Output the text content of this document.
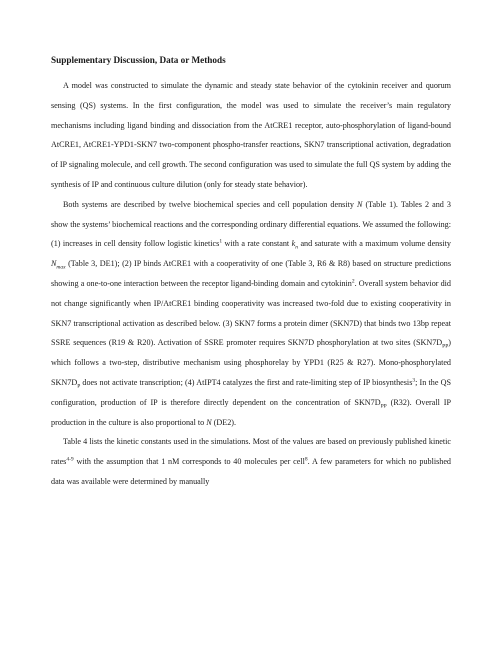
Supplementary Discussion, Data or Methods

A model was constructed to simulate the dynamic and steady state behavior of the cytokinin receiver and quorum sensing (QS) systems. In the first configuration, the model was used to simulate the receiver’s main regulatory mechanisms including ligand binding and dissociation from the AtCRE1 receptor, auto-phosphorylation of ligand-bound AtCRE1, AtCRE1-YPD1-SKN7 two-component phospho-transfer reactions, SKN7 transcriptional activation, degradation of IP signaling molecule, and cell growth. The second configuration was used to simulate the full QS system by adding the synthesis of IP and continuous culture dilution (only for steady state behavior).

Both systems are described by twelve biochemical species and cell population density N (Table 1). Tables 2 and 3 show the systems’ biochemical reactions and the corresponding ordinary differential equations. We assumed the following: (1) increases in cell density follow logistic kinetics$^1$ with a rate constant $k_n$ and saturate with a maximum volume density $N_{max}$ (Table 3, DE1); (2) IP binds AtCRE1 with a cooperativity of one (Table 3, R6 & R8) based on structure predictions showing a one-to-one interaction between the receptor ligand-binding domain and cytokinin$^2$. Overall system behavior did not change significantly when IP/AtCRE1 binding cooperativity was increased two-fold due to existing cooperativity in SKN7 transcriptional activation as described below. (3) SKN7 forms a protein dimer (SKN7D) that binds two 13bp repeat SSRE sequences (R19 & R20). Activation of SSRE promoter requires SKN7D phosphorylation at two sites $(SKN7D_{PP})$ which follows a two-step, distributive mechanism using phosphorelay by YPD1 (R25 & R27). Mono-phosphorylated $SKN7D_P$ does not activate transcription; (4) AtIPT4 catalyzes the first and rate-limiting step of IP biosynthesis$^3$; In the QS configuration, production of IP is therefore directly dependent on the concentration of $SKN7D_{PP}$ (R32). Overall IP production in the culture is also proportional to N (DE2).

Table 4 lists the kinetic constants used in the simulations. Most of the values are based on previously published kinetic rates$^{4-9}$ with the assumption that 1 nM corresponds to 40 molecules per cell$^8$. A few parameters for which no published data was available were determined by manually
